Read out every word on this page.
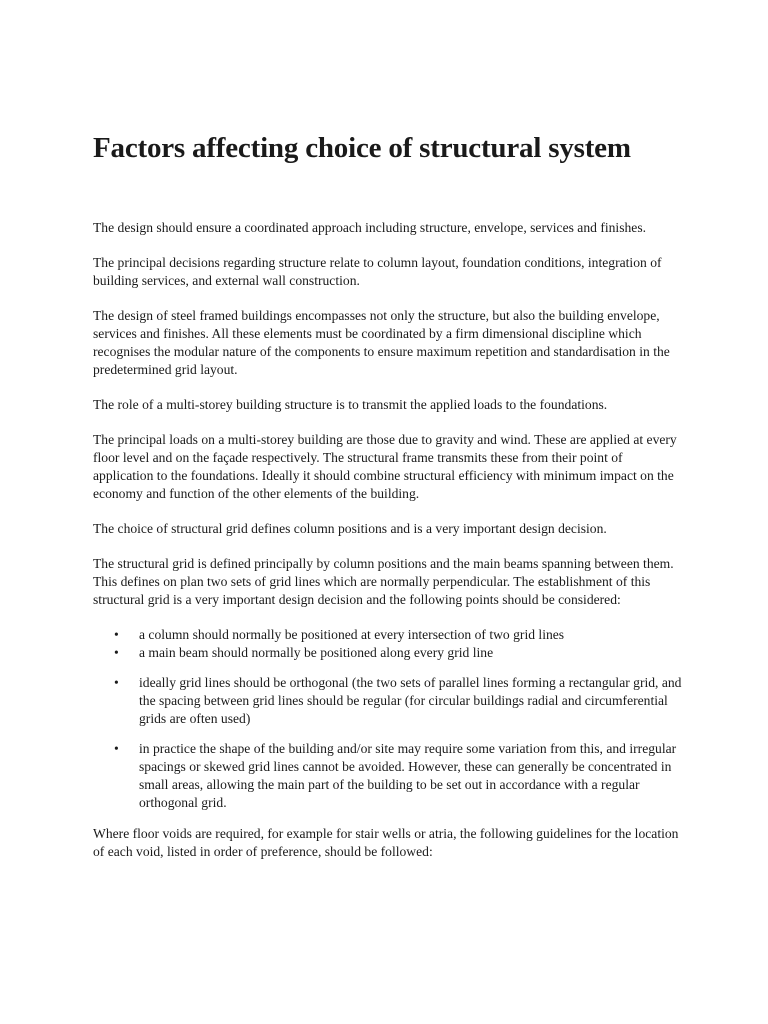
Factors affecting choice of structural system

The design should ensure a coordinated approach including structure, envelope, services and finishes.

The principal decisions regarding structure relate to column layout, foundation conditions, integration of building services, and external wall construction.

The design of steel framed buildings encompasses not only the structure, but also the building envelope, services and finishes. All these elements must be coordinated by a firm dimensional discipline which recognises the modular nature of the components to ensure maximum repetition and standardisation in the predetermined grid layout.

The role of a multi-storey building structure is to transmit the applied loads to the foundations.

The principal loads on a multi-storey building are those due to gravity and wind. These are applied at every floor level and on the façade respectively. The structural frame transmits these from their point of application to the foundations. Ideally it should combine structural efficiency with minimum impact on the economy and function of the other elements of the building.

The choice of structural grid defines column positions and is a very important design decision.

The structural grid is defined principally by column positions and the main beams spanning between them. This defines on plan two sets of grid lines which are normally perpendicular. The establishment of this structural grid is a very important design decision and the following points should be considered:

• a column should normally be positioned at every intersection of two grid lines
• a main beam should normally be positioned along every grid line
• ideally grid lines should be orthogonal (the two sets of parallel lines forming a rectangular grid, and the spacing between grid lines should be regular (for circular buildings radial and circumferential grids are often used)
• in practice the shape of the building and/or site may require some variation from this, and irregular spacings or skewed grid lines cannot be avoided. However, these can generally be concentrated in small areas, allowing the main part of the building to be set out in accordance with a regular orthogonal grid.

Where floor voids are required, for example for stair wells or atria, the following guidelines for the location of each void, listed in order of preference, should be followed:
